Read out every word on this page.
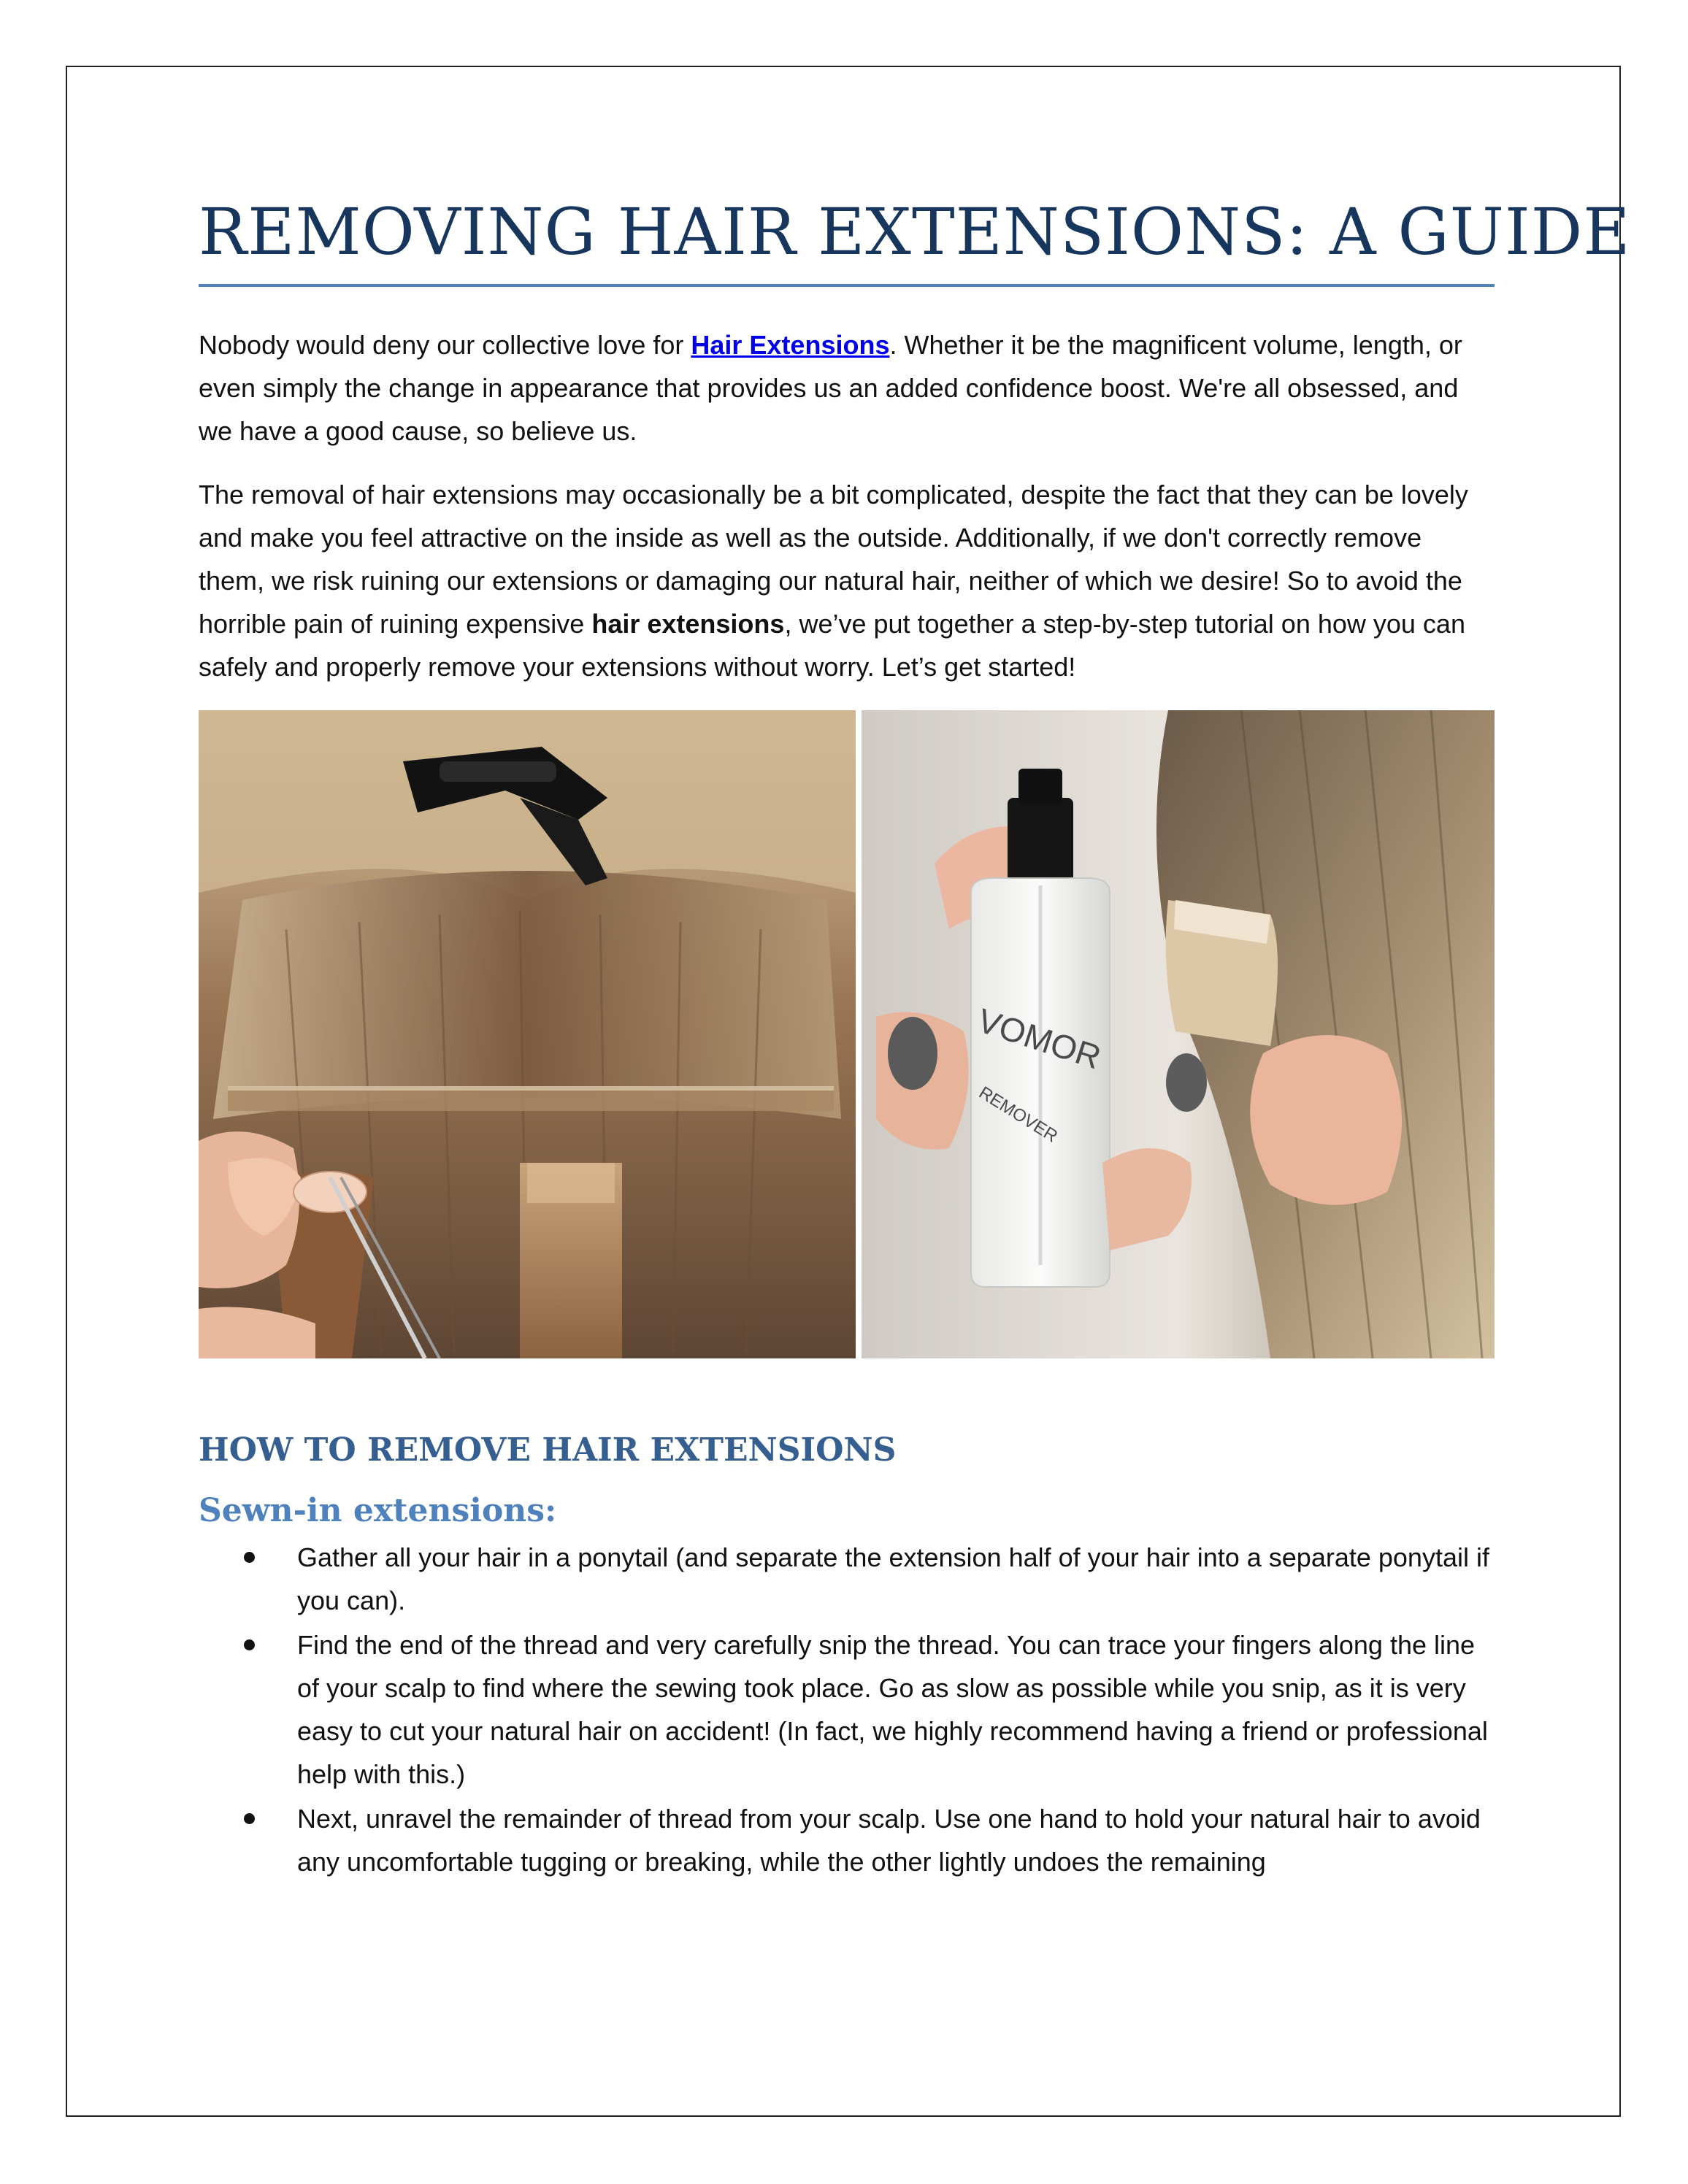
REMOVING HAIR EXTENSIONS: A GUIDE

Nobody would deny our collective love for Hair Extensions. Whether it be the magnificent volume, length, or even simply the change in appearance that provides us an added confidence boost. We're all obsessed, and we have a good cause, so believe us.

The removal of hair extensions may occasionally be a bit complicated, despite the fact that they can be lovely and make you feel attractive on the inside as well as the outside. Additionally, if we don't correctly remove them, we risk ruining our extensions or damaging our natural hair, neither of which we desire! So to avoid the horrible pain of ruining expensive hair extensions, we’ve put together a step-by-step tutorial on how you can safely and properly remove your extensions without worry. Let’s get started!

VOMOR
REMOVER
HOW TO REMOVE HAIR EXTENSIONS
Sewn-in extensions:
Gather all your hair in a ponytail (and separate the extension half of your hair into a separate ponytail if you can).
Find the end of the thread and very carefully snip the thread. You can trace your fingers along the line of your scalp to find where the sewing took place. Go as slow as possible while you snip, as it is very easy to cut your natural hair on accident! (In fact, we highly recommend having a friend or professional help with this.)
Next, unravel the remainder of thread from your scalp. Use one hand to hold your natural hair to avoid any uncomfortable tugging or breaking, while the other lightly undoes the remaining
